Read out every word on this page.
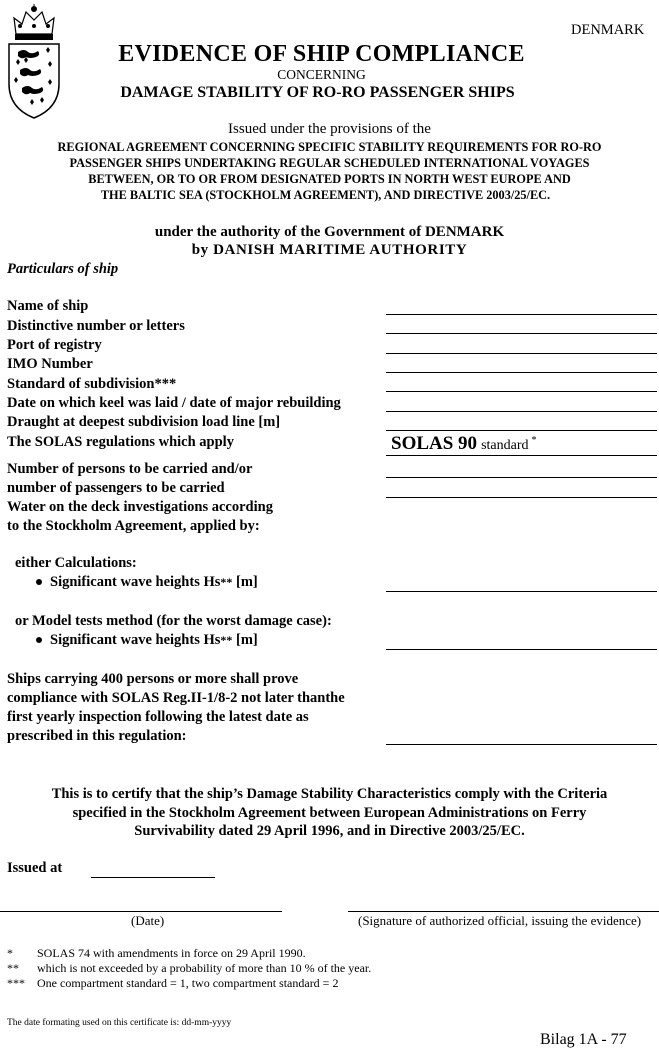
DENMARK
EVIDENCE OF SHIP COMPLIANCE
CONCERNING
DAMAGE STABILITY OF RO-RO PASSENGER SHIPS
Issued under the provisions of the
REGIONAL AGREEMENT CONCERNING SPECIFIC STABILITY REQUIREMENTS FOR RO-RO
PASSENGER SHIPS UNDERTAKING REGULAR SCHEDULED INTERNATIONAL VOYAGES
BETWEEN, OR TO OR FROM DESIGNATED PORTS IN NORTH WEST EUROPE AND
THE BALTIC SEA (STOCKHOLM AGREEMENT), AND DIRECTIVE 2003/25/EC.
under the authority of the Government of DENMARK
by DANISH MARITIME AUTHORITY
Particulars of ship
Name of ship
Distinctive number or letters
Port of registry
IMO Number
Standard of subdivision***
Date on which keel was laid / date of major rebuilding
Draught at deepest subdivision load line [m]
The SOLAS regulations which apply	SOLAS 90 standard *
Number of persons to be carried and/or
number of passengers to be carried
Water on the deck investigations according
to the Stockholm Agreement, applied by:
either Calculations:
Significant wave heights Hs** [m]
or Model tests method (for the worst damage case):
Significant wave heights Hs** [m]
Ships carrying 400 persons or more shall prove
compliance with SOLAS Reg.II-1/8-2 not later thanthe
first yearly inspection following the latest date as
prescribed in this regulation:
This is to certify that the ship’s Damage Stability Characteristics comply with the Criteria
specified in the Stockholm Agreement between European Administrations on Ferry
Survivability dated 29 April 1996, and in Directive 2003/25/EC.
Issued at
(Date)	(Signature of authorized official, issuing the evidence)
* SOLAS 74 with amendments in force on 29 April 1990.
** which is not exceeded by a probability of more than 10 % of the year.
*** One compartment standard = 1, two compartment standard = 2
The date formating used on this certificate is: dd-mm-yyyy
Bilag 1A - 77
